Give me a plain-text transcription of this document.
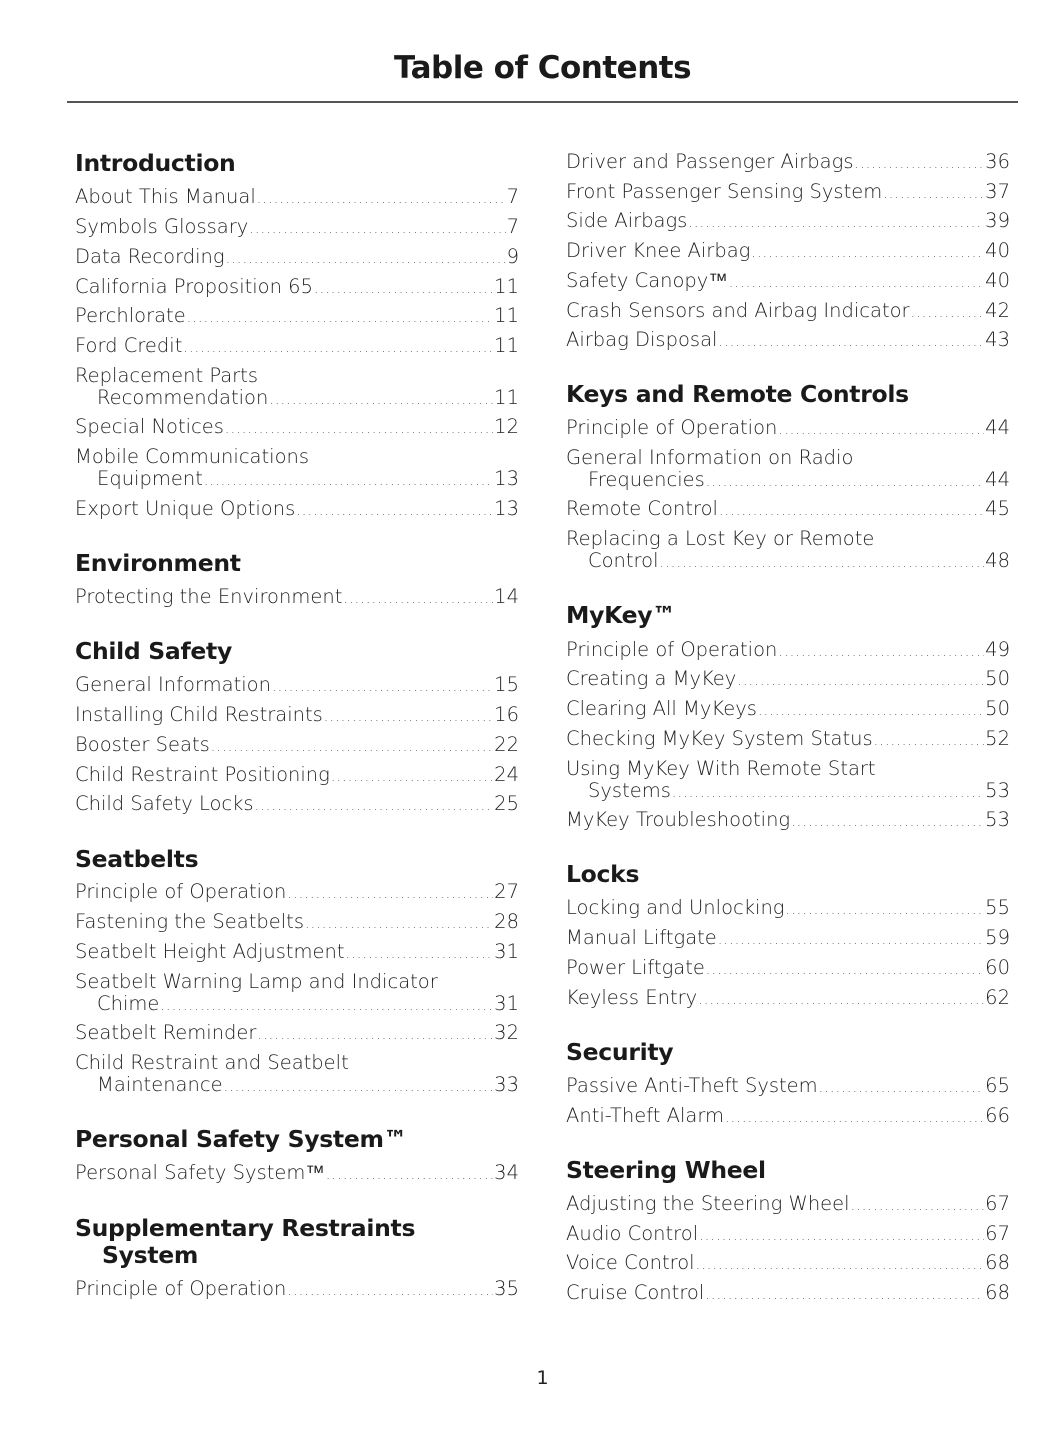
Table of Contents
Introduction
About This Manual .....	7
Symbols Glossary .....	7
Data Recording .....	9
California Proposition 65 .....	11
Perchlorate .....	11
Ford Credit .....	11
Replacement Parts
Recommendation .....	11
Special Notices .....	12
Mobile Communications
Equipment .....	13
Export Unique Options .....	13
Environment
Protecting the Environment .....	14
Child Safety
General Information .....	15
Installing Child Restraints .....	16
Booster Seats .....	22
Child Restraint Positioning .....	24
Child Safety Locks .....	25
Seatbelts
Principle of Operation .....	27
Fastening the Seatbelts .....	28
Seatbelt Height Adjustment .....	31
Seatbelt Warning Lamp and Indicator
Chime .....	31
Seatbelt Reminder .....	32
Child Restraint and Seatbelt
Maintenance .....	33
Personal Safety System™
Personal Safety System™ .....	34
Supplementary Restraints

System
Principle of Operation .....	35
Driver and Passenger Airbags .....	36
Front Passenger Sensing System .....	37
Side Airbags .....	39
Driver Knee Airbag .....	40
Safety Canopy™ .....	40
Crash Sensors and Airbag Indicator .....	42
Airbag Disposal .....	43
Keys and Remote Controls
Principle of Operation .....	44
General Information on Radio
Frequencies .....	44
Remote Control .....	45
Replacing a Lost Key or Remote
Control .....	48
MyKey™
Principle of Operation .....	49
Creating a MyKey .....	50
Clearing All MyKeys .....	50
Checking MyKey System Status .....	52
Using MyKey With Remote Start
Systems .....	53
MyKey Troubleshooting .....	53
Locks
Locking and Unlocking .....	55
Manual Liftgate .....	59
Power Liftgate .....	60
Keyless Entry .....	62
Security
Passive Anti-Theft System .....	65
Anti-Theft Alarm .....	66
Steering Wheel
Adjusting the Steering Wheel .....	67
Audio Control .....	67
Voice Control .....	68
Cruise Control .....	68
1
